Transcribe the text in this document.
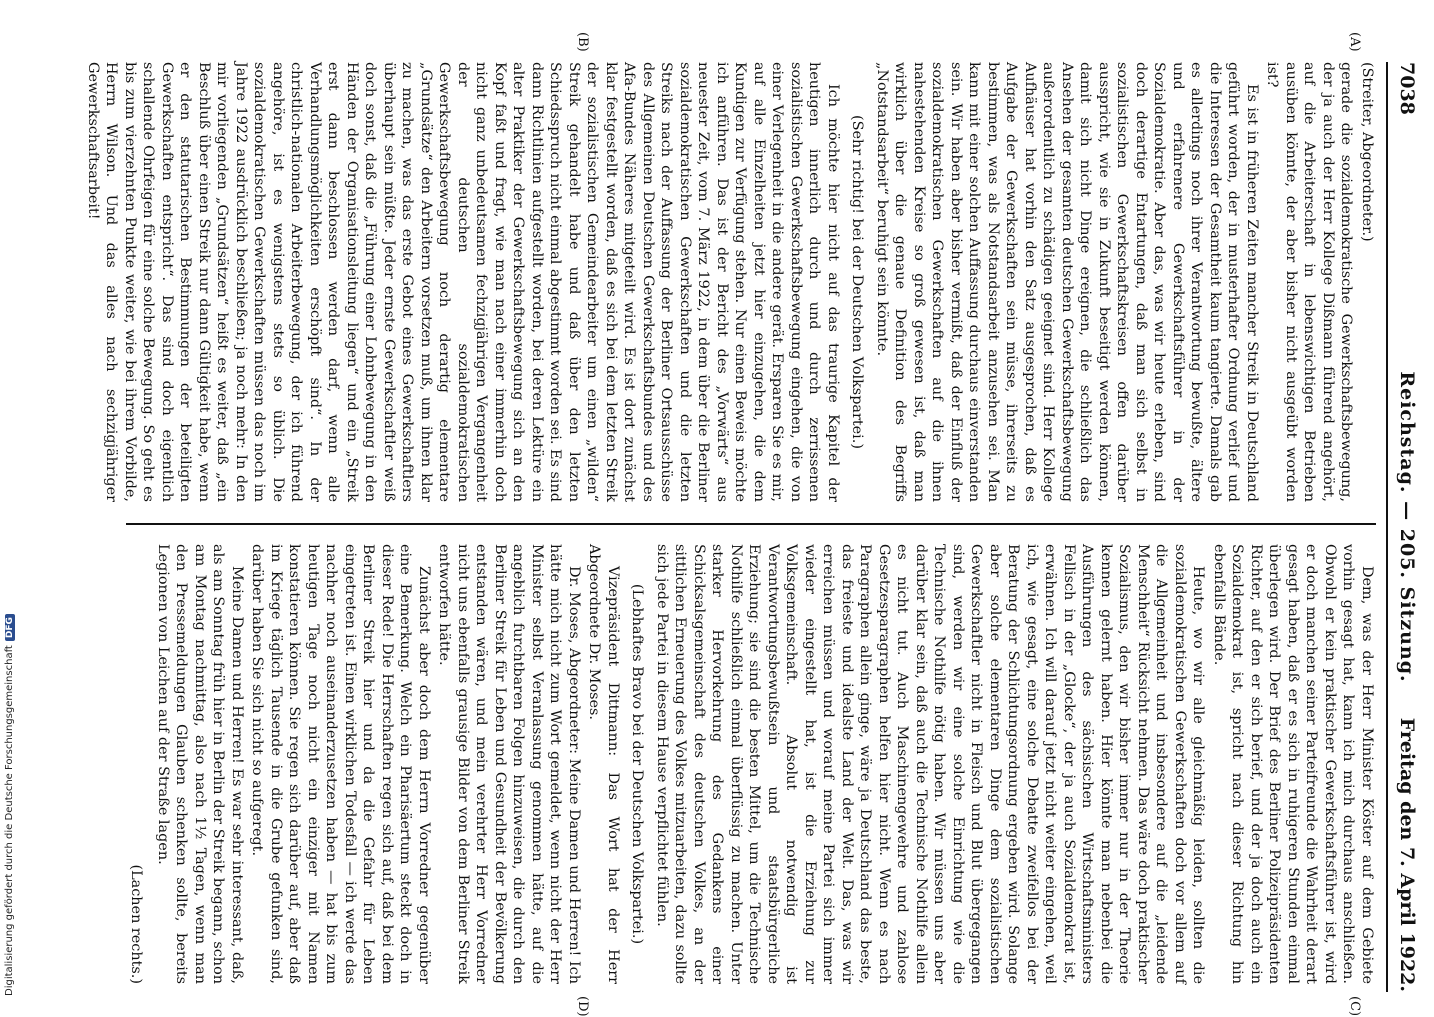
7038
Reichstag. — 205. Sitzung.
Freitag den 7. April 1922.
(A)
(B)
(C)
(D)

(Streiter, Abgeordneter.)

gerade die sozialdemokratische Gewerkschaftsbewegung, der ja auch der Herr Kollege Dißmann führend angehört, auf die Arbeiterschaft in lebenswichtigen Betrieben ausüben könnte, der aber bisher nicht ausgeübt worden ist?

Es ist in früheren Zeiten mancher Streik in Deutschland geführt worden, der in musterhafter Ordnung verlief und die Interessen der Gesamtheit kaum tangierte. Damals gab es allerdings noch ihrer Verantwortung bewußte, ältere und erfahrenere Gewerkschaftsführer in der Sozialdemokratie. Aber das, was wir heute erleben, sind doch derartige Entartungen, daß man sich selbst in sozialistischen Gewerkschaftskreisen offen darüber ausspricht, wie sie in Zukunft beseitigt werden können, damit sich nicht Dinge ereignen, die schließlich das Ansehen der gesamten deutschen Gewerkschaftsbewegung außerordentlich zu schädigen geeignet sind. Herr Kollege Aufhäuser hat vorhin den Satz ausgesprochen, daß es Aufgabe der Gewerkschaften sein müsse, ihrerseits zu bestimmen, was als Notstandsarbeit anzusehen sei. Man kann mit einer solchen Auffassung durchaus einverstanden sein. Wir haben aber bisher vermißt, daß der Einfluß der sozialdemokratischen Gewerkschaften auf die ihnen nahestehenden Kreise so groß gewesen ist, daß man wirklich über die genaue Definition des Begriffs „Notstandsarbeit“ beruhigt sein könnte.

(Sehr richtig! bei der Deutschen Volkspartei.)

Ich möchte hier nicht auf das traurige Kapitel der heutigen innerlich durch und durch zerrissenen sozialistischen Gewerkschaftsbewegung eingehen, die von einer Verlegenheit in die andere gerät. Ersparen Sie es mir, auf alle Einzelheiten jetzt hier einzugehen, die dem Kundigen zur Verfügung stehen. Nur einen Beweis möchte ich anführen. Das ist der Bericht des „Vorwärts“ aus neuester Zeit, vom 7. März 1922, in dem über die Berliner sozialdemokratischen Gewerkschaften und die letzten Streiks nach der Auffassung der Berliner Ortsausschüsse des Allgemeinen Deutschen Gewerkschaftsbundes und des Afa-Bundes Näheres mitgeteilt wird. Es ist dort zunächst klar festgestellt worden, daß es sich bei dem letzten Streik der sozialistischen Gemeindearbeiter um einen „wilden“ Streik gehandelt habe und daß über den letzten Schiedsspruch nicht einmal abgestimmt worden sei. Es sind dann Richtlinien aufgestellt worden, bei deren Lektüre ein alter Praktiker der Gewerkschaftsbewegung sich an den Kopf faßt und fragt, wie man nach einer immerhin doch nicht ganz unbedeutsamen fechzigjährigen Vergangenheit der deutschen sozialdemokratischen Gewerkschaftsbewegung noch derartig elementare „Grundsätze“ den Arbeitern vorsetzen muß, um ihnen klar zu machen, was das erste Gebot eines Gewerkschaftlers überhaupt sein müßte. Jeder ernste Gewerkschaftler weiß doch sonst, daß die „Führung einer Lohnbewegung in den Händen der Organisationsleitung liegen“ und ein „Streik erst dann beschlossen werden darf, wenn alle Verhandlungsmöglichkeiten erschöpft sind“. In der christlich-nationalen Arbeiterbewegung, der ich führend angehöre, ist es wenigstens stets so üblich. Die sozialdemokratischen Gewerkschaften müssen das noch im Jahre 1922 ausdrücklich beschließen; ja noch mehr: In den mir vorliegenden „Grundsätzen“ heißt es weiter, daß „ein Beschluß über einen Streik nur dann Gültigkeit habe, wenn er den statutarischen Bestimmungen der beteiligten Gewerkschaften entspricht“. Das sind doch eigentlich schallende Ohrfeigen für eine solche Bewegung. So geht es bis zum vierzehnten Punkte weiter, wie bei ihrem Vorbilde, Herrn Wilson. Und das alles nach sechzigjähriger Gewerkschaftsarbeit!

Dem, was der Herr Minister Köster auf dem Gebiete vorhin gesagt hat, kann ich mich durchaus anschließen. Obwohl er kein praktischer Gewerkschaftsführer ist, wird er doch manchen seiner Parteifreunde die Wahrheit derart gesagt haben, daß er es sich in ruhigeren Stunden einmal überlegen wird. Der Brief des Berliner Polizeipräsidenten Richter, auf den er sich berief, und der ja doch auch ein Sozialdemokrat ist, spricht nach dieser Richtung hin ebenfalls Bände.

Heute, wo wir alle gleichmäßig leiden, sollten die sozialdemokratischen Gewerkschaften doch vor allem auf die Allgemeinheit und insbesondere auf die „leidende Menschheit“ Rücksicht nehmen. Das wäre doch praktischer Sozialismus, den wir bisher immer nur in der Theorie kennen gelernt haben. Hier könnte man nebenbei die Ausführungen des sächsischen Wirtschaftsministers Fellisch in der „Glocke“, der ja auch Sozialdemokrat ist, erwähnen. Ich will darauf jetzt nicht weiter eingehen, weil ich, wie gesagt, eine solche Debatte zweifellos bei der Beratung der Schlichtungsordnung ergeben wird. Solange aber solche elementaren Dinge dem sozialistischen Gewerkschaftler nicht in Fleisch und Blut übergegangen sind, werden wir eine solche Einrichtung wie die Technische Nothilfe nötig haben. Wir müssen uns aber darüber klar sein, daß auch die Technische Nothilfe allein es nicht tut. Auch Maschinengewehre und zahlose Gesetzesparagraphen helfen hier nicht. Wenn es nach Paragraphen allein ginge, wäre ja Deutschland das beste, das freieste und idealste Land der Welt. Das, was wir erreichen müssen und worauf meine Partei sich immer wieder eingestellt hat, ist die Erziehung zur Volksgemeinschaft. Absolut notwendig ist Verantwortungsbewußtsein und staatsbürgerliche Erziehung; sie sind die besten Mittel, um die Technische Nothilfe schließlich einmal überflüssig zu machen. Unter starker Hervorkehrung des Gedankens einer Schicksalsgemeinschaft des deutschen Volkes, an der sittlichen Erneuerung des Volkes mitzuarbeiten, dazu sollte sich jede Partei in diesem Hause verpflichtet fühlen.

(Lebhaftes Bravo bei der Deutschen Volkspartei.)

Vizepräsident Dittmann: Das Wort hat der Herr Abgeordnete Dr. Moses.

Dr. Moses, Abgeordneter: Meine Damen und Herren! Ich hätte mich nicht zum Wort gemeldet, wenn nicht der Herr Minister selbst Veranlassung genommen hätte, auf die angeblich furchtbaren Folgen hinzuweisen, die durch den Berliner Streik für Leben und Gesundheit der Bevölkerung entstanden wären, und mein verehrter Herr Vorredner nicht uns ebenfalls grausige Bilder von dem Berliner Streik entworfen hätte.

Zunächst aber doch dem Herrn Vorredner gegenüber eine Bemerkung. Welch ein Pharisäertum steckt doch in dieser Rede! Die Herrschaften regen sich auf, daß bei dem Berliner Streik hier und da die Gefahr für Leben eingetreten ist. Einen wirklichen Todesfall — ich werde das nachher noch auseinanderzusetzen haben — hat bis zum heutigen Tage noch nicht ein einziger mit Namen konstatieren können. Sie regen sich darüber auf, aber daß im Kriege täglich Tausende in die Grube gefunken sind, darüber haben Sie sich nicht so aufgeregt.

Meine Damen und Herren! Es war sehr interessant, daß, als am Sonntag früh hier in Berlin der Streik begann, schon am Montag nachmittag, also nach 1½ Tagen, wenn man den Pressemeldungen Glauben schenken sollte, bereits Legionen von Leichen auf der Straße lagen.

(Lachen rechts.)

Digitalisierung gefördert durch die Deutsche ForschungsgemeinschaftDFG
